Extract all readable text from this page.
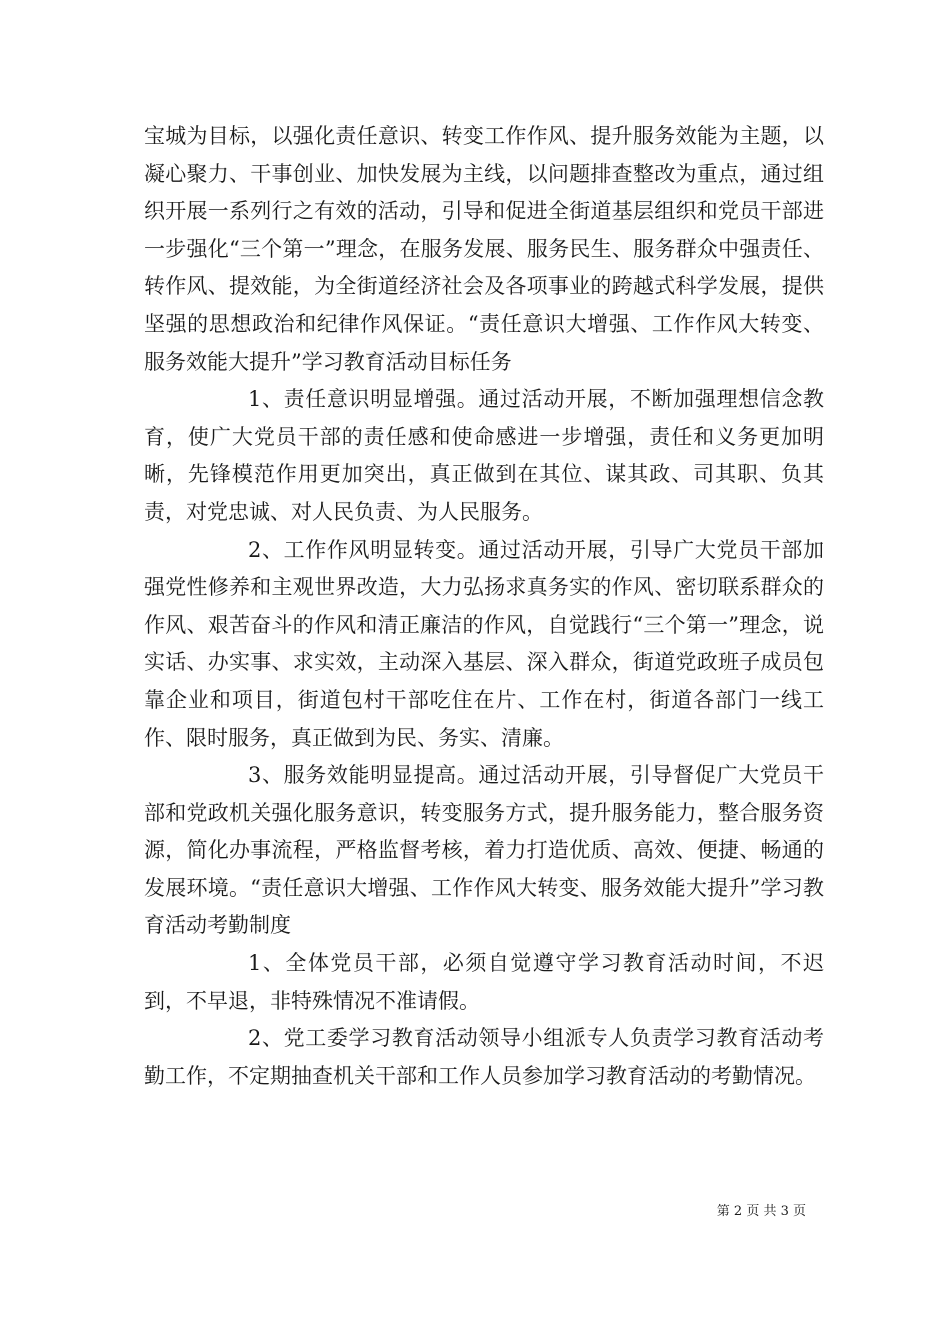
宝城为目标，以强化责任意识、转变工作作风、提升服务效能为主题，以凝心聚力、干事创业、加快发展为主线，以问题排查整改为重点，通过组织开展一系列行之有效的活动，引导和促进全街道基层组织和党员干部进一步强化“三个第一”理念，在服务发展、服务民生、服务群众中强责任、转作风、提效能，为全街道经济社会及各项事业的跨越式科学发展，提供坚强的思想政治和纪律作风保证。“责任意识大增强、工作作风大转变、服务效能大提升”学习教育活动目标任务

1、责任意识明显增强。通过活动开展，不断加强理想信念教育，使广大党员干部的责任感和使命感进一步增强，责任和义务更加明晰，先锋模范作用更加突出，真正做到在其位、谋其政、司其职、负其责，对党忠诚、对人民负责、为人民服务。

2、工作作风明显转变。通过活动开展，引导广大党员干部加强党性修养和主观世界改造，大力弘扬求真务实的作风、密切联系群众的作风、艰苦奋斗的作风和清正廉洁的作风，自觉践行“三个第一”理念，说实话、办实事、求实效，主动深入基层、深入群众，街道党政班子成员包靠企业和项目，街道包村干部吃住在片、工作在村，街道各部门一线工作、限时服务，真正做到为民、务实、清廉。

3、服务效能明显提高。通过活动开展，引导督促广大党员干部和党政机关强化服务意识，转变服务方式，提升服务能力，整合服务资源，简化办事流程，严格监督考核，着力打造优质、高效、便捷、畅通的发展环境。“责任意识大增强、工作作风大转变、服务效能大提升”学习教育活动考勤制度

1、全体党员干部，必须自觉遵守学习教育活动时间，不迟到，不早退，非特殊情况不准请假。

2、党工委学习教育活动领导小组派专人负责学习教育活动考勤工作，不定期抽查机关干部和工作人员参加学习教育活动的考勤情况。

第 2 页 共 3 页
